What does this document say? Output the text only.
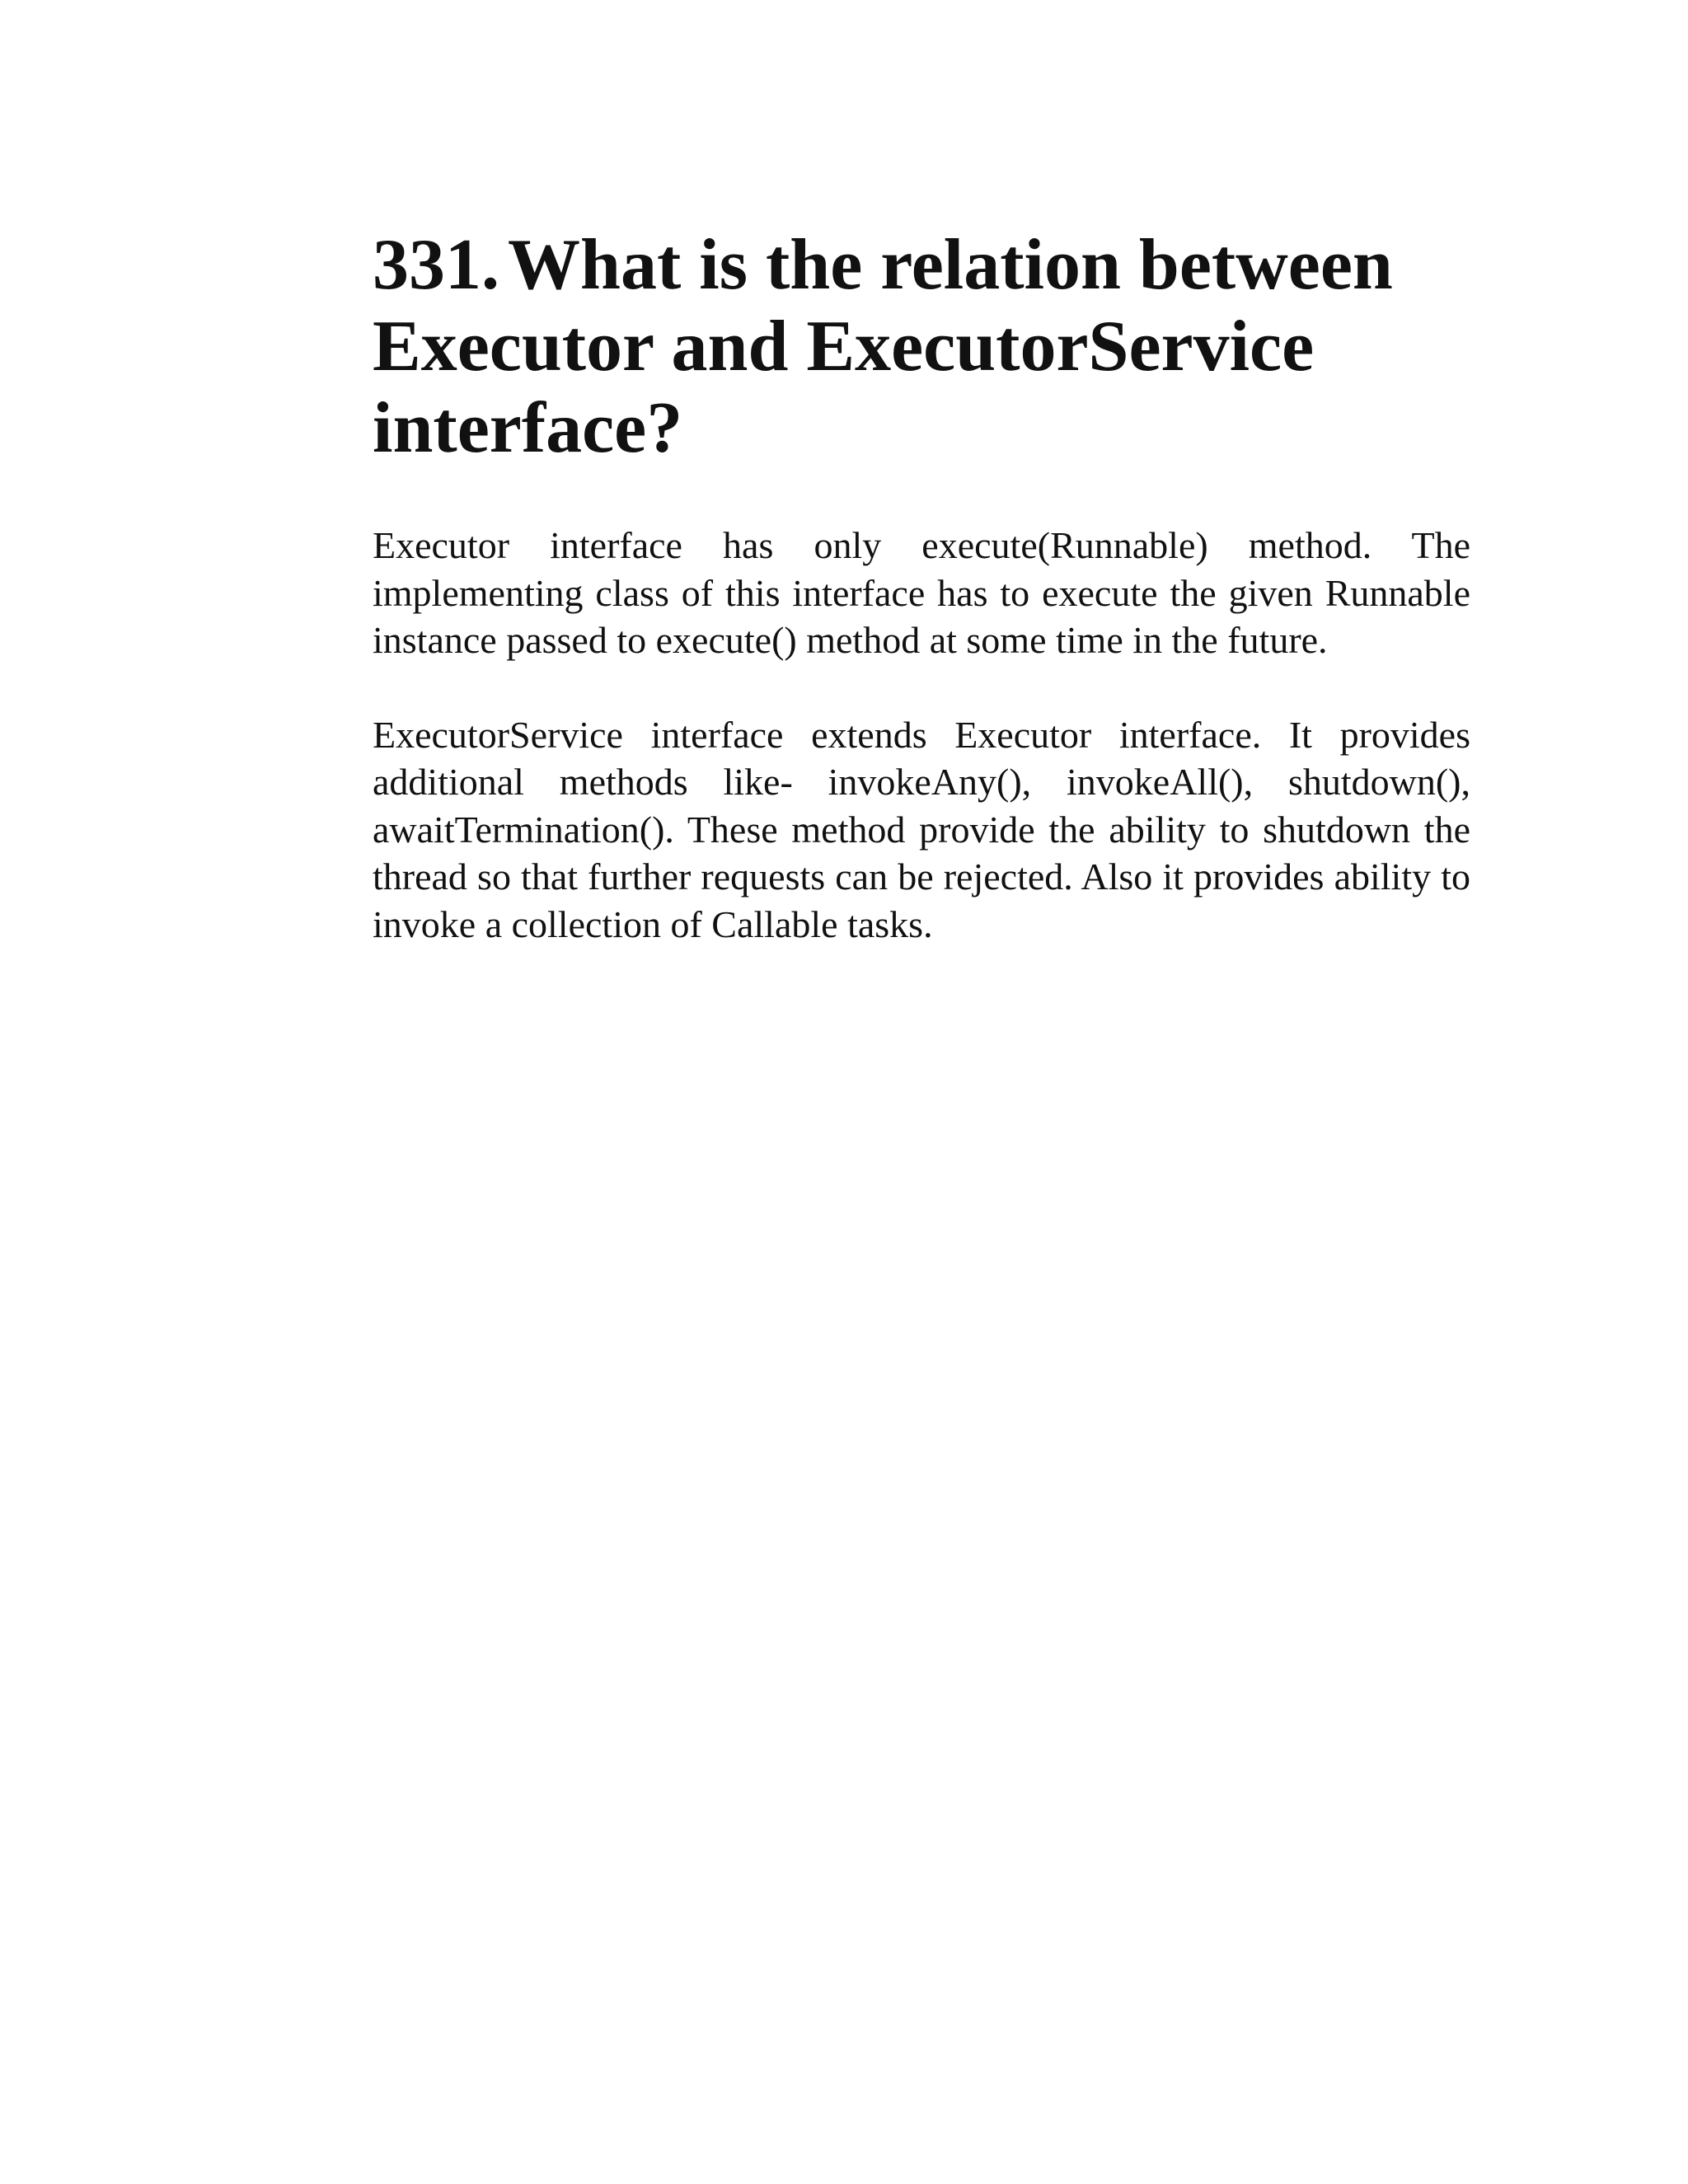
331. What is the relation between Executor and ExecutorService interface?

Executor interface has only execute(Runnable) method. The implementing class of this interface has to execute the given Runnable instance passed to execute() method at some time in the future.

ExecutorService interface extends Executor interface. It provides additional methods like- invokeAny(), invokeAll(), shutdown(), awaitTermination(). These method provide the ability to shutdown the thread so that further requests can be rejected. Also it provides ability to invoke a collection of Callable tasks.
